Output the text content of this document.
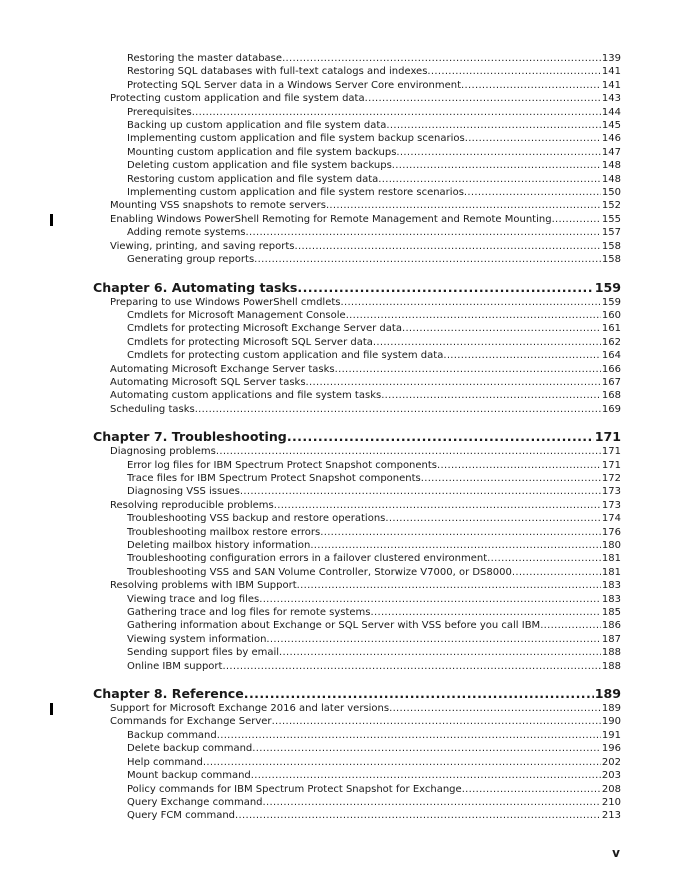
Restoring the master database .....	139
Restoring SQL databases with full-text catalogs and indexes .....	141
Protecting SQL Server data in a Windows Server Core environment .....	141
Protecting custom application and file system data .....	143
Prerequisites .....	144
Backing up custom application and file system data .....	145
Implementing custom application and file system backup scenarios .....	146
Mounting custom application and file system backups .....	147
Deleting custom application and file system backups .....	148
Restoring custom application and file system data .....	148
Implementing custom application and file system restore scenarios .....	150
Mounting VSS snapshots to remote servers .....	152
Enabling Windows PowerShell Remoting for Remote Management and Remote Mounting .....	155
Adding remote systems .....	157
Viewing, printing, and saving reports .....	158
Generating group reports .....	158
Chapter 6. Automating tasks .....	159
Preparing to use Windows PowerShell cmdlets .....	159
Cmdlets for Microsoft Management Console .....	160
Cmdlets for protecting Microsoft Exchange Server data .....	161
Cmdlets for protecting Microsoft SQL Server data .....	162
Cmdlets for protecting custom application and file system data .....	164
Automating Microsoft Exchange Server tasks .....	166
Automating Microsoft SQL Server tasks .....	167
Automating custom applications and file system tasks .....	168
Scheduling tasks .....	169
Chapter 7. Troubleshooting .....	171
Diagnosing problems .....	171
Error log files for IBM Spectrum Protect Snapshot components .....	171
Trace files for IBM Spectrum Protect Snapshot components .....	172
Diagnosing VSS issues .....	173
Resolving reproducible problems .....	173
Troubleshooting VSS backup and restore operations .....	174
Troubleshooting mailbox restore errors .....	176
Deleting mailbox history information .....	180
Troubleshooting configuration errors in a failover clustered environment .....	181
Troubleshooting VSS and SAN Volume Controller, Storwize V7000, or DS8000 .....	181
Resolving problems with IBM Support .....	183
Viewing trace and log files .....	183
Gathering trace and log files for remote systems .....	185
Gathering information about Exchange or SQL Server with VSS before you call IBM .....	186
Viewing system information .....	187
Sending support files by email .....	188
Online IBM support .....	188
Chapter 8. Reference .....	189
Support for Microsoft Exchange 2016 and later versions .....	189
Commands for Exchange Server .....	190
Backup command .....	191
Delete backup command .....	196
Help command .....	202
Mount backup command .....	203
Policy commands for IBM Spectrum Protect Snapshot for Exchange .....	208
Query Exchange command .....	210
Query FCM command .....	213
v
